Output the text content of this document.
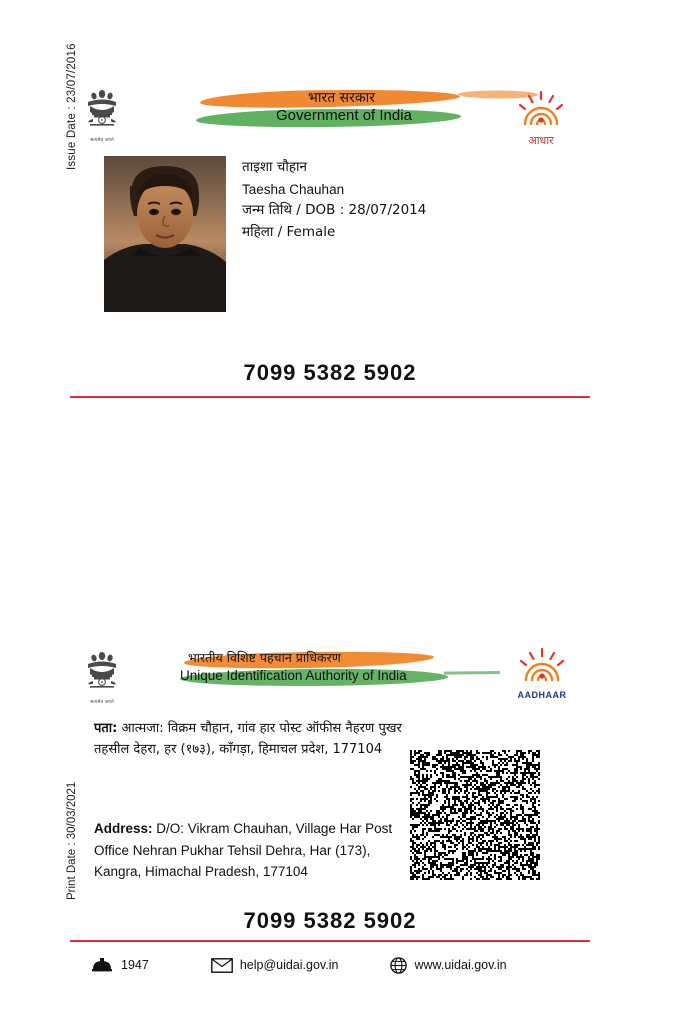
सत्यमेव जयते
भारत सरकार
Government of India
आधार
Issue Date : 23/07/2016	ताइशा चौहान
Taesha Chauhan
जन्म तिथि / DOB : 28/07/2014
महिला / Female
7099 5382 5902
सत्यमेव जयते
भारतीय विशिष्ट पहचान प्राधिकरण
Unique Identification Authority of India
AADHAAR
Print Date : 30/03/2021
पता: आत्मजा: विक्रम चौहान, गांव हार पोस्ट ऑफीस नैहरण पुखर तहसील देहरा, हर (१७३), काँगड़ा, हिमाचल प्रदेश, 177104
Address: D/O: Vikram Chauhan, Village Har Post Office Nehran Pukhar Tehsil Dehra, Har (173), Kangra, Himachal Pradesh, 177104
7099 5382 5902
1947	help@uidai.gov.in	www.uidai.gov.in
